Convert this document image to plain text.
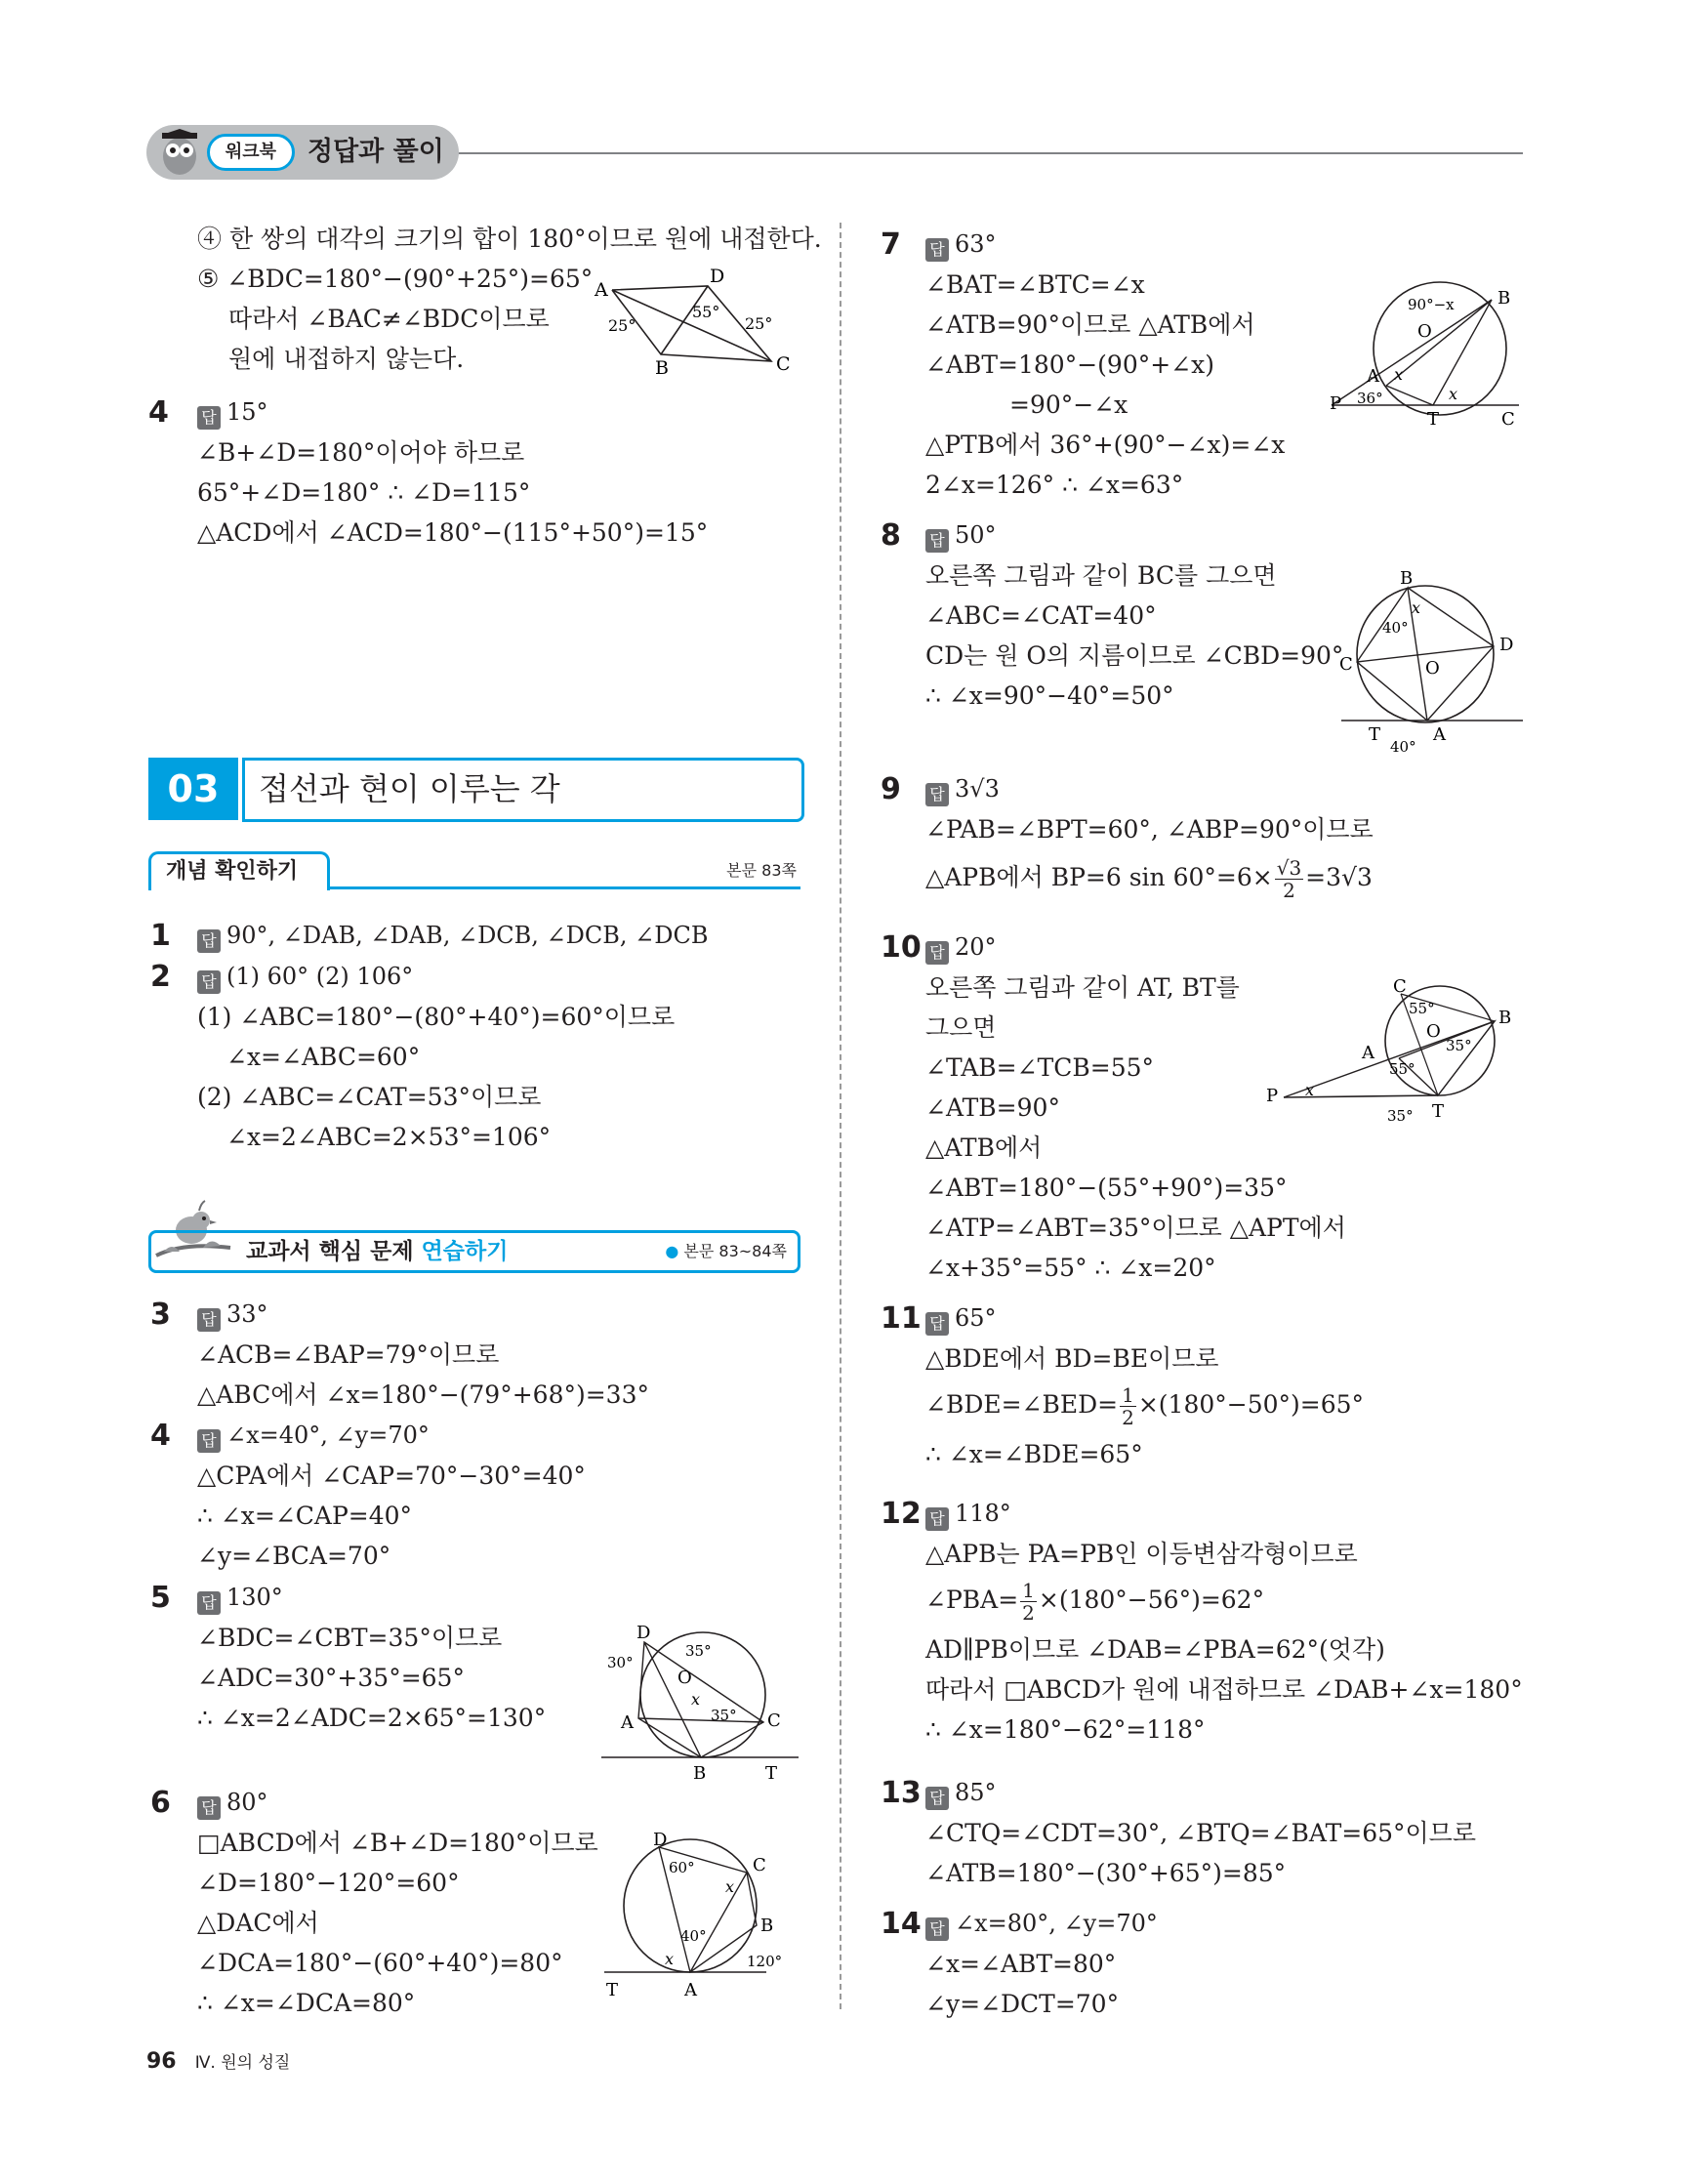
워크북	정답과 풀이
④ 한 쌍의 대각의 크기의 합이 180°이므로 원에 내접한다.
⑤ ∠BDC=180°−(90°+25°)=65°
따라서 ∠BAC≠∠BDC이므로
원에 내접하지 않는다.
A
D
25°
55°
25°
B	C
4 답 15°
∠B+∠D=180°이어야 하므로
65°+∠D=180° ∴ ∠D=115°
△ACD에서 ∠ACD=180°−(115°+50°)=15°
03	접선과 현이 이루는 각
개념 확인하기	본문 83쪽
1 답 90°, ∠DAB, ∠DAB, ∠DCB, ∠DCB, ∠DCB
2 답 (1) 60° (2) 106°
(1) ∠ABC=180°−(80°+40°)=60°이므로
∠x=∠ABC=60°
(2) ∠ABC=∠CAT=53°이므로
∠x=2∠ABC=2×53°=106°
교과서 핵심 문제 연습하기	● 본문 83~84쪽
3 답 33°
∠ACB=∠BAP=79°이므로
△ABC에서 ∠x=180°−(79°+68°)=33°
4 답 ∠x=40°, ∠y=70°
△CPA에서 ∠CAP=70°−30°=40°
∴ ∠x=∠CAP=40°
∠y=∠BCA=70°
5 답 130°
∠BDC=∠CBT=35°이므로
∠ADC=30°+35°=65°
∴ ∠x=2∠ADC=2×65°=130°
D
35°
30°
O
x
35°
A	C
B	T
6 답 80°
□ABCD에서 ∠B+∠D=180°이므로
∠D=180°−120°=60°
△DAC에서
∠DCA=180°−(60°+40°)=80°
∴ ∠x=∠DCA=80°
D
60°	C
x
B
40°
x	120°
T	A
7 답 63°
∠BAT=∠BTC=∠x
∠ATB=90°이므로 △ATB에서
∠ABT=180°−(90°+∠x)
=90°−∠x
△PTB에서 36°+(90°−∠x)=∠x
2∠x=126° ∴ ∠x=63°
90°−x B
O
A x
x
P 36°
T	C
8 답 50°
오른쪽 그림과 같이 BC를 그으면
∠ABC=∠CAT=40°
CD는 원 O의 지름이므로 ∠CBD=90°
∴ ∠x=90°−40°=50°
B
x
40°
D
C	O
T	A
40°
9 답 3√3
∠PAB=∠BPT=60°, ∠ABP=90°이므로
△APB에서 BP=6 $\sin 60^\circ=6\times \frac{√3}{2} =3√3$
10 답 20°
오른쪽 그림과 같이 AT, BT를
그으면
∠TAB=∠TCB=55°
∠ATB=90°
△ATB에서
∠ABT=180°−(55°+90°)=35°
∠ATP=∠ABT=35°이므로 △APT에서
∠x+35°=55° ∴ ∠x=20°
C
55°
O
B
35°
A
55°
P x
35° T
11 답 65°
△BDE에서 BD=BE이므로
∠BDE=∠BED= $\frac{1}{2} \times(180^\circ-50^\circ)=65^\circ$
∴ ∠x=∠BDE=65°
12 답 118°
△APB는 PA=PB인 이등변삼각형이므로
∠PBA= $\frac{1}{2} \times(180^\circ-56^\circ)=62^\circ$
AD∥PB이므로 ∠DAB=∠PBA=62°(엇각)
따라서 □ABCD가 원에 내접하므로 ∠DAB+∠x=180°
∴ ∠x=180°−62°=118°
13 답 85°
∠CTQ=∠CDT=30°, ∠BTQ=∠BAT=65°이므로
∠ATB=180°−(30°+65°)=85°
14 답 ∠x=80°, ∠y=70°
∠x=∠ABT=80°
∠y=∠DCT=70°
96 Ⅳ. 원의 성질
